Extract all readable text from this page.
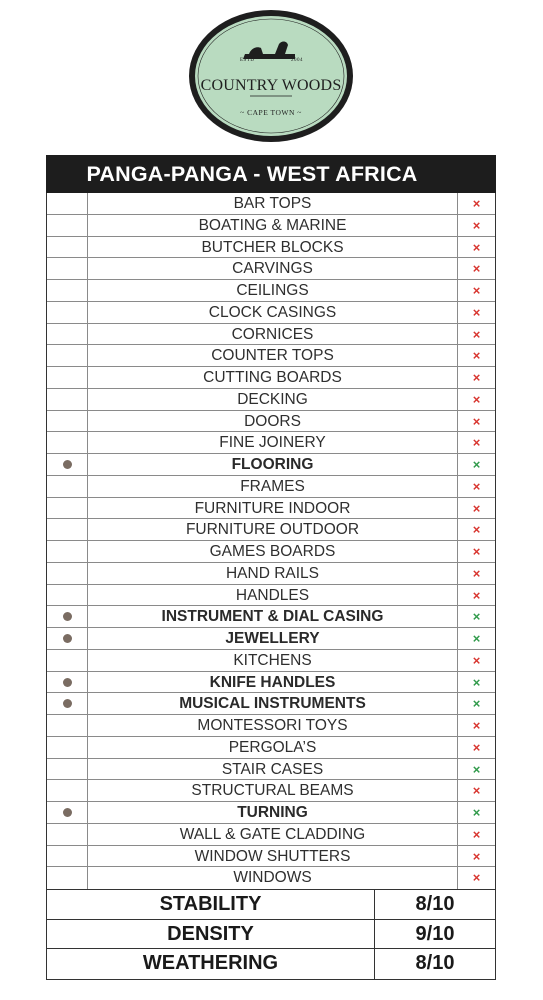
ESTD	2004
COUNTRY WOODS
~ CAPE TOWN ~
PANGA-PANGA - WEST AFRICA
BAR TOPS	×
BOATING & MARINE	×
BUTCHER BLOCKS	×
CARVINGS	×
CEILINGS	×
CLOCK CASINGS	×
CORNICES	×
COUNTER TOPS	×
CUTTING BOARDS	×
DECKING	×
DOORS	×
FINE JOINERY	×
FLOORING	×
FRAMES	×
FURNITURE INDOOR	×
FURNITURE OUTDOOR	×
GAMES BOARDS	×
HAND RAILS	×
HANDLES	×
INSTRUMENT & DIAL CASING	×
JEWELLERY	×
KITCHENS	×
KNIFE HANDLES	×
MUSICAL INSTRUMENTS	×
MONTESSORI TOYS	×
PERGOLA’S	×
STAIR CASES	×
STRUCTURAL BEAMS	×
TURNING	×
WALL & GATE CLADDING	×
WINDOW SHUTTERS	×
WINDOWS	×
STABILITY	8/10
DENSITY	9/10
WEATHERING	8/10
